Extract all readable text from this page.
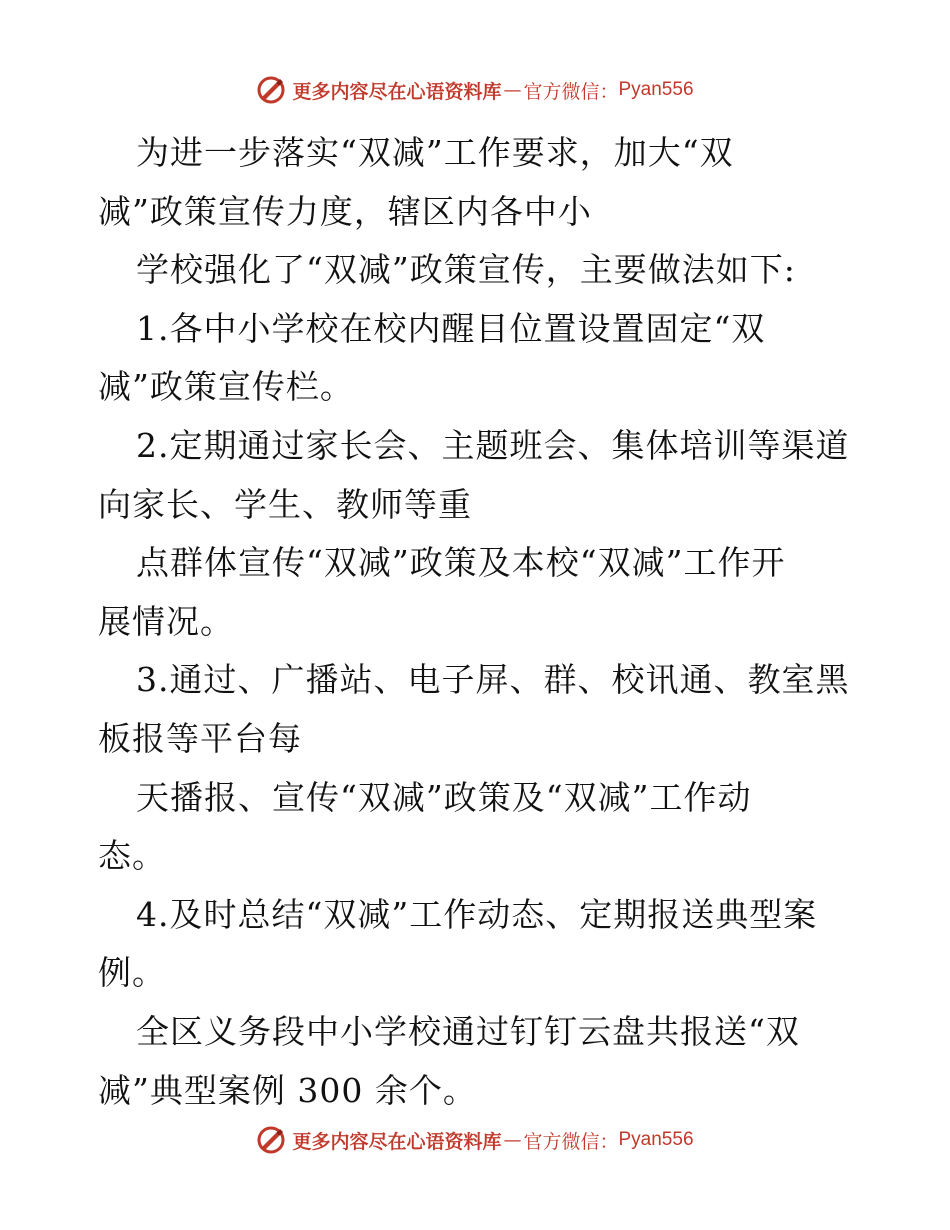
更多内容尽在心语资料库 — 官方微信： Pyan556
为进一步落实“双减”工作要求，加大“双
减”政策宣传力度，辖区内各中小
学校强化了“双减”政策宣传，主要做法如下:
1.各中小学校在校内醒目位置设置固定“双
减”政策宣传栏。
2.定期通过家长会、主题班会、集体培训等渠道
向家长、学生、教师等重
点群体宣传“双减”政策及本校“双减”工作开
展情况。
3.通过、广播站、电子屏、群、校讯通、教室黑
板报等平台每
天播报、宣传“双减”政策及“双减”工作动
态。
4.及时总结“双减”工作动态、定期报送典型案
例。
全区义务段中小学校通过钉钉云盘共报送“双
减”典型案例 300 余个。
更多内容尽在心语资料库 — 官方微信： Pyan556
